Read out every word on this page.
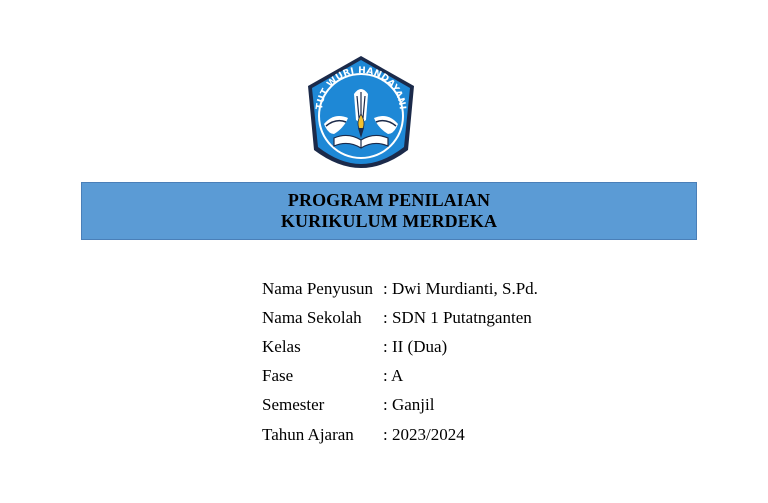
TUT WURI HANDAYANI
PROGRAM PENILAIAN
KURIKULUM MERDEKA
Nama Penyusun : Dwi Murdianti, S.Pd.
Nama Sekolah	: SDN 1 Putatnganten
Kelas	: II (Dua)
Fase	: A
Semester	: Ganjil
Tahun Ajaran	: 2023/2024
